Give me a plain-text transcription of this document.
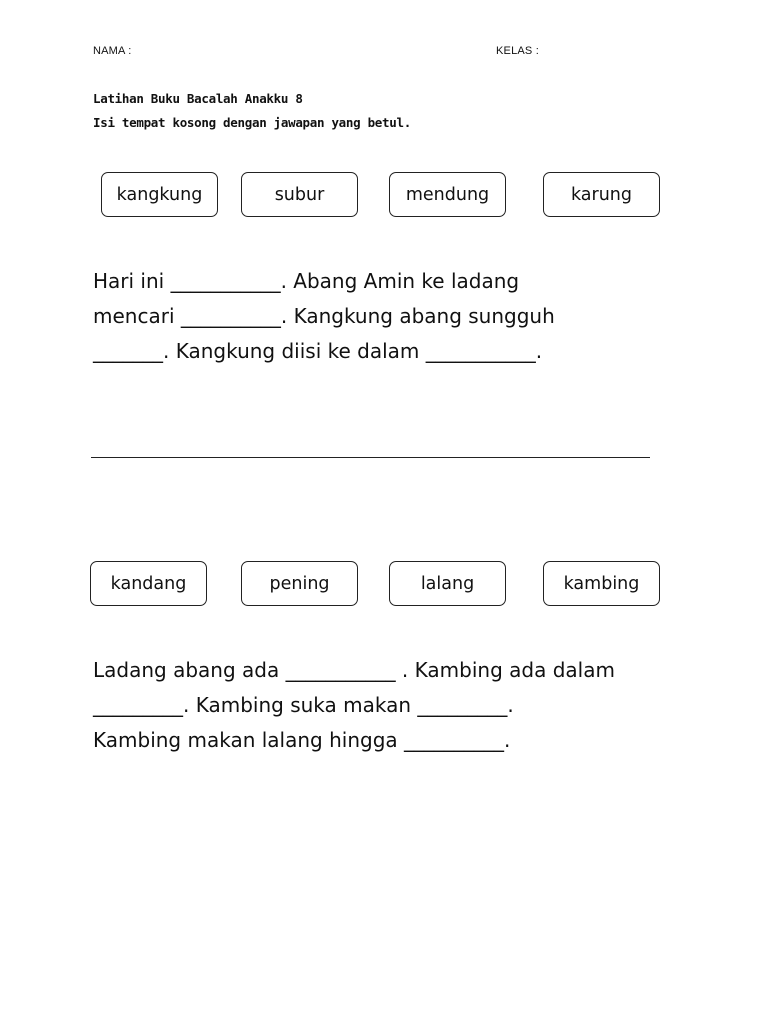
NAMA :	KELAS :
Latihan Buku Bacalah Anakku 8
Isi tempat kosong dengan jawapan yang betul.
kangkung	subur	mendung	karung
Hari ini ___________. Abang Amin ke ladang
mencari __________. Kangkung abang sungguh
_______. Kangkung diisi ke dalam ___________.
kandang	pening	lalang	kambing
Ladang abang ada ___________ . Kambing ada dalam
_________. Kambing suka makan _________.
Kambing makan lalang hingga __________.
